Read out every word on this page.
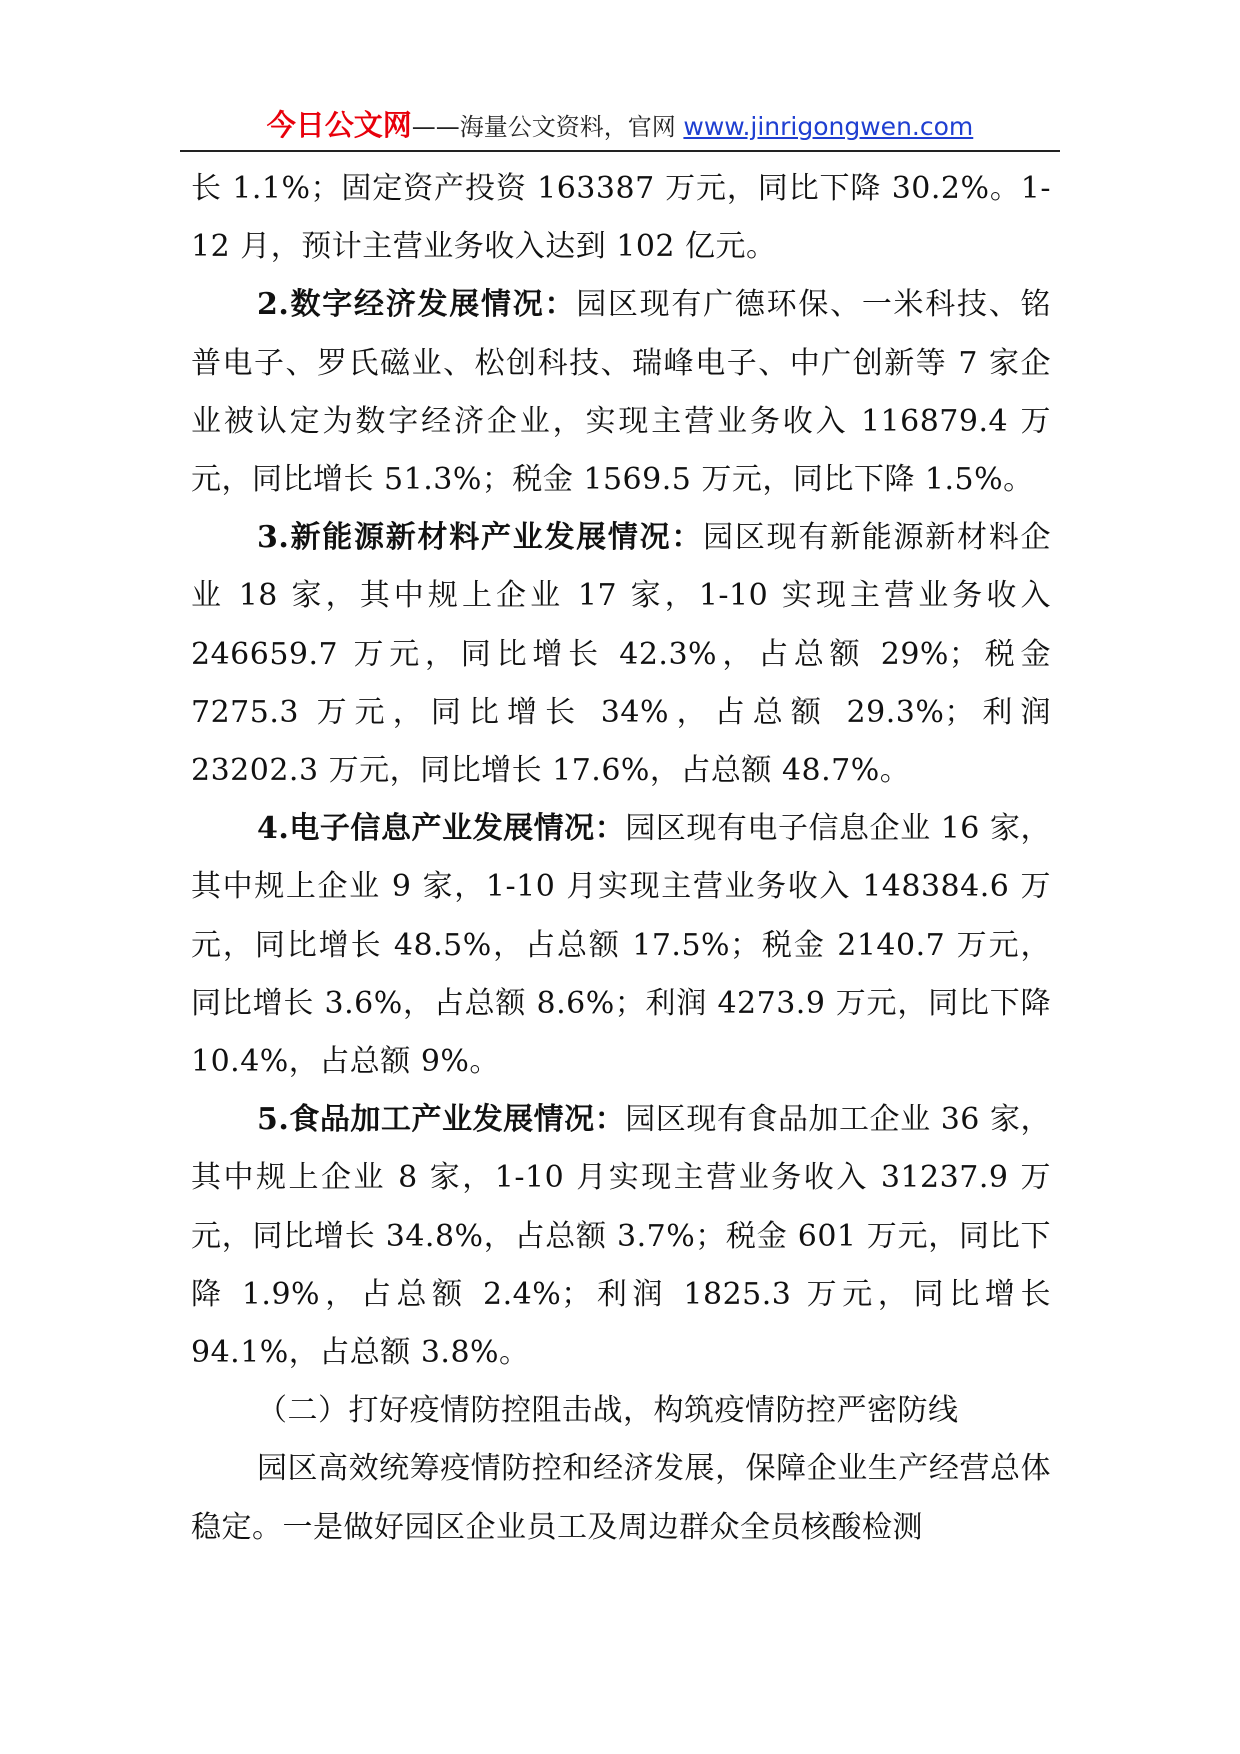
今日公文网——海量公文资料，官网 www.jinrigongwen.com

长 1.1%；固定资产投资 163387 万元，同比下降 30.2%。1-12 月，预计主营业务收入达到 102 亿元。

2.数字经济发展情况：园区现有广德环保、一米科技、铭普电子、罗氏磁业、松创科技、瑞峰电子、中广创新等 7 家企业被认定为数字经济企业，实现主营业务收入 116879.4 万元，同比增长 51.3%；税金 1569.5 万元，同比下降 1.5%。

3.新能源新材料产业发展情况：园区现有新能源新材料企业 18 家，其中规上企业 17 家，1-10 实现主营业务收入 246659.7 万元，同比增长 42.3%，占总额 29%；税金 7275.3 万元，同比增长 34%，占总额 29.3%；利润 23202.3 万元，同比增长 17.6%，占总额 48.7%。

4.电子信息产业发展情况：园区现有电子信息企业 16 家，其中规上企业 9 家，1-10 月实现主营业务收入 148384.6 万元，同比增长 48.5%，占总额 17.5%；税金 2140.7 万元，同比增长 3.6%，占总额 8.6%；利润 4273.9 万元，同比下降 10.4%，占总额 9%。

5.食品加工产业发展情况：园区现有食品加工企业 36 家，其中规上企业 8 家，1-10 月实现主营业务收入 31237.9 万元，同比增长 34.8%，占总额 3.7%；税金 601 万元，同比下降 1.9%，占总额 2.4%；利润 1825.3 万元，同比增长 94.1%，占总额 3.8%。

（二）打好疫情防控阻击战，构筑疫情防控严密防线

园区高效统筹疫情防控和经济发展，保障企业生产经营总体稳定。一是做好园区企业员工及周边群众全员核酸检测
